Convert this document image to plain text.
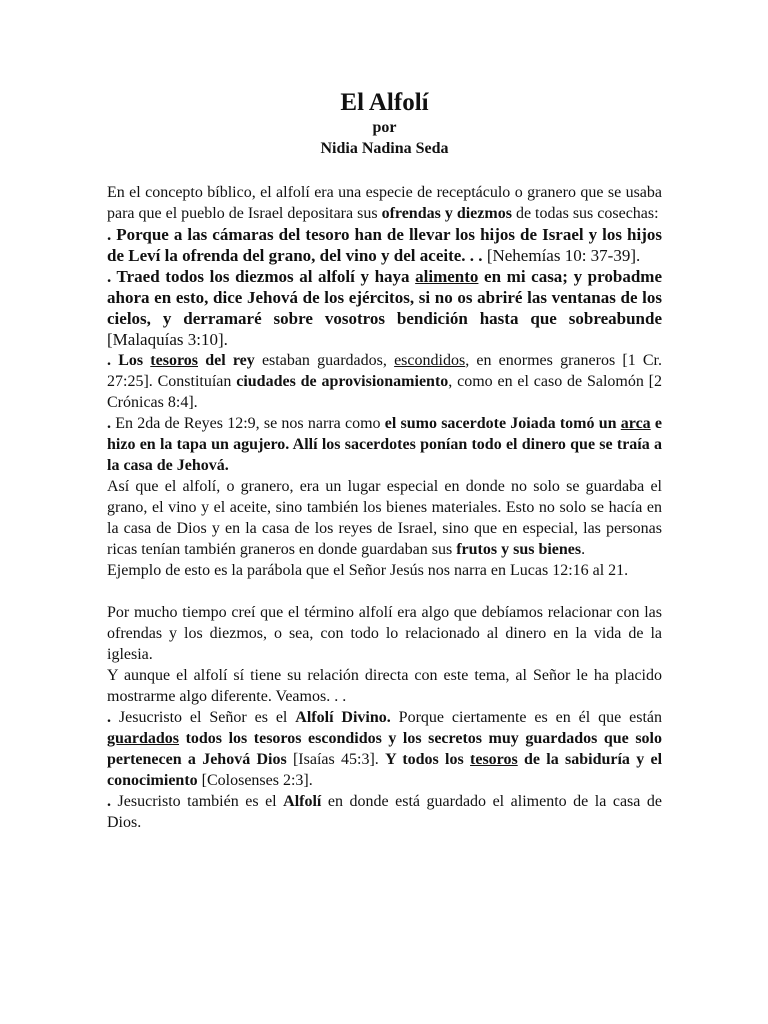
El Alfolí
por
Nidia Nadina Seda

En el concepto bíblico, el alfolí era una especie de receptáculo o granero que se usaba para que el pueblo de Israel depositara sus ofrendas y diezmos de todas sus cosechas:

. Porque a las cámaras del tesoro han de llevar los hijos de Israel y los hijos de Leví la ofrenda del grano, del vino y del aceite. . . [Nehemías 10: 37-39].

. Traed todos los diezmos al alfolí y haya alimento en mi casa; y probadme ahora en esto, dice Jehová de los ejércitos, si no os abriré las ventanas de los cielos, y derramaré sobre vosotros bendición hasta que sobreabunde [Malaquías 3:10].

. Los tesoros del rey estaban guardados, escondidos, en enormes graneros [1 Cr. 27:25]. Constituían ciudades de aprovisionamiento, como en el caso de Salomón [2 Crónicas 8:4].

. En 2da de Reyes 12:9, se nos narra como el sumo sacerdote Joiada tomó un arca e hizo en la tapa un agujero. Allí los sacerdotes ponían todo el dinero que se traía a la casa de Jehová.

Así que el alfolí, o granero, era un lugar especial en donde no solo se guardaba el grano, el vino y el aceite, sino también los bienes materiales. Esto no solo se hacía en la casa de Dios y en la casa de los reyes de Israel, sino que en especial, las personas ricas tenían también graneros en donde guardaban sus frutos y sus bienes.

Ejemplo de esto es la parábola que el Señor Jesús nos narra en Lucas 12:16 al 21.

Por mucho tiempo creí que el término alfolí era algo que debíamos relacionar con las ofrendas y los diezmos, o sea, con todo lo relacionado al dinero en la vida de la iglesia.

Y aunque el alfolí sí tiene su relación directa con este tema, al Señor le ha placido mostrarme algo diferente. Veamos. . .

. Jesucristo el Señor es el Alfolí Divino. Porque ciertamente es en él que están guardados todos los tesoros escondidos y los secretos muy guardados que solo pertenecen a Jehová Dios [Isaías 45:3]. Y todos los tesoros de la sabiduría y el conocimiento [Colosenses 2:3].

. Jesucristo también es el Alfolí en donde está guardado el alimento de la casa de Dios.
